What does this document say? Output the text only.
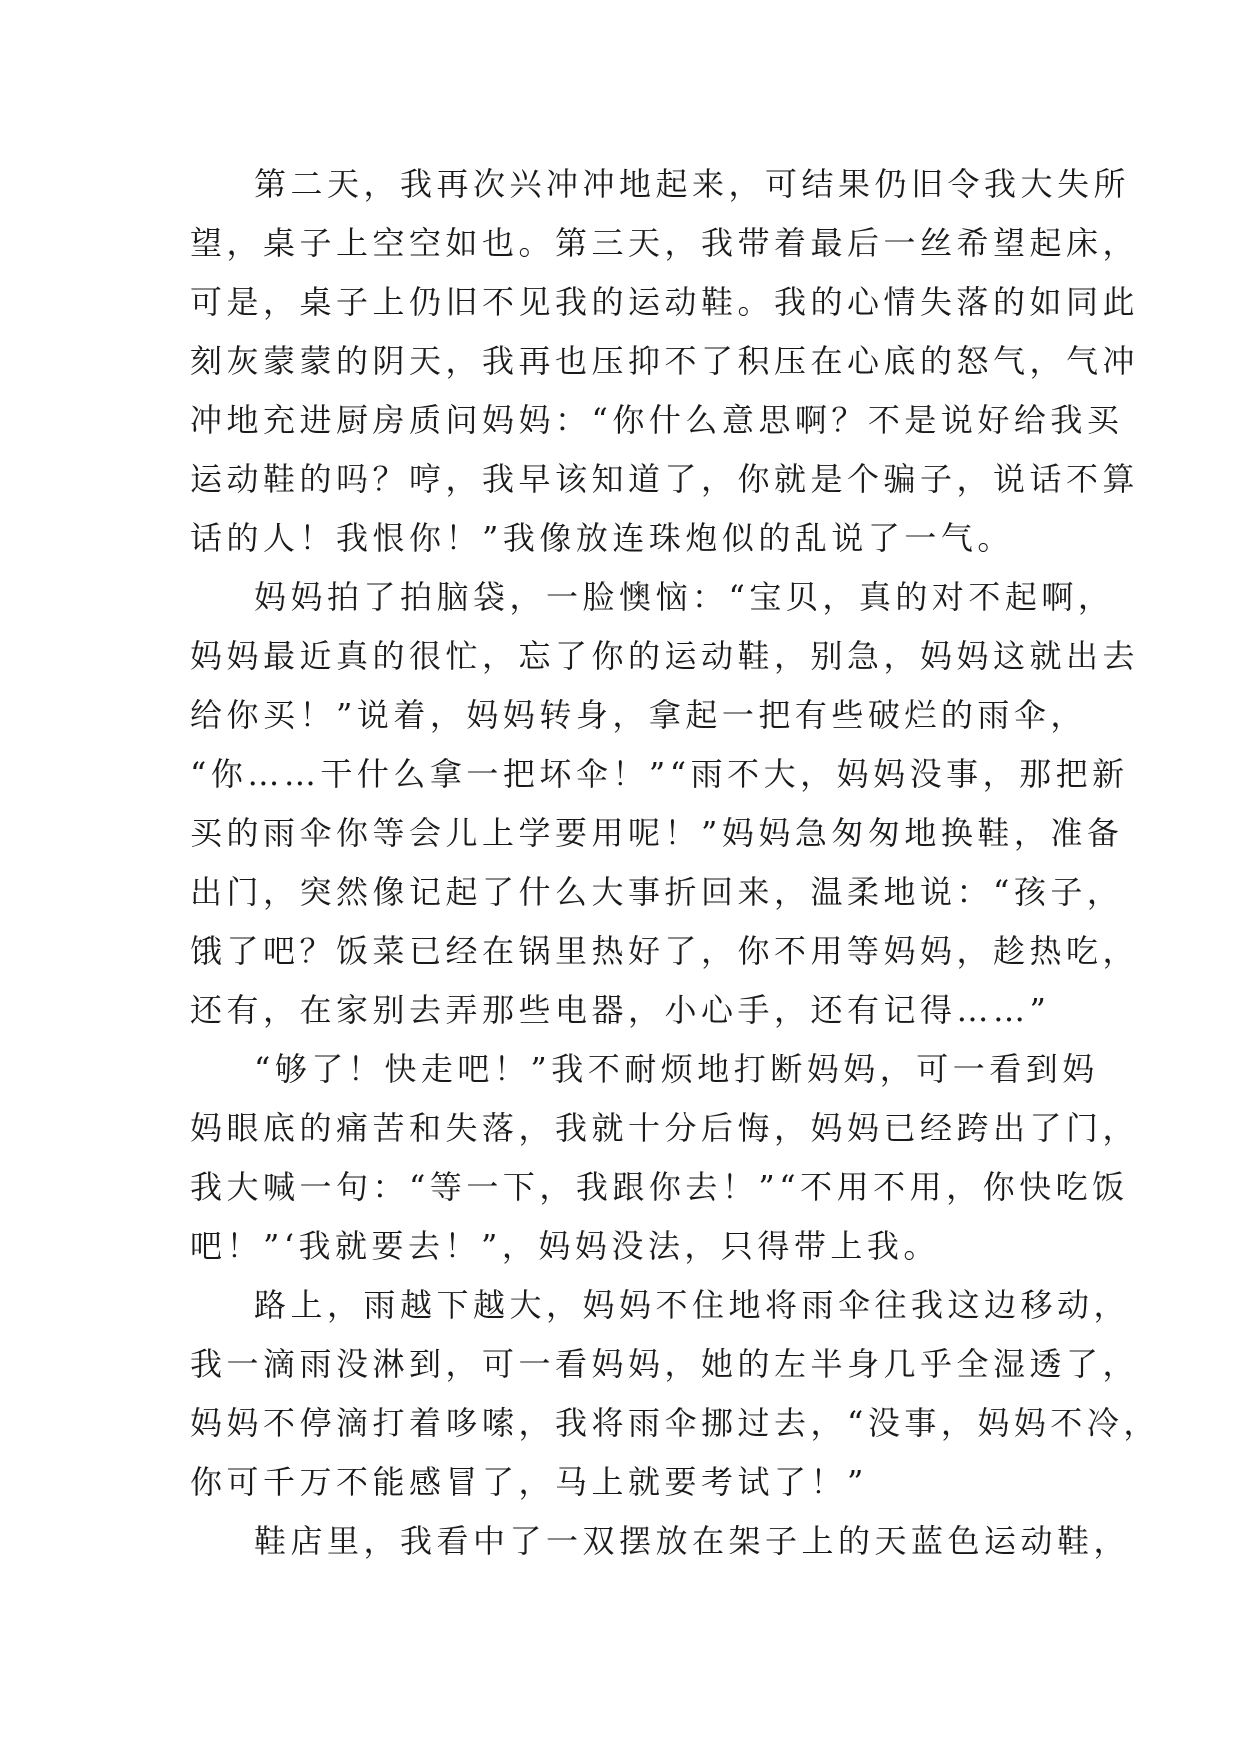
第二天，我再次兴冲冲地起来，可结果仍旧令我大失所
望，桌子上空空如也。第三天，我带着最后一丝希望起床，
可是，桌子上仍旧不见我的运动鞋。我的心情失落的如同此
刻灰蒙蒙的阴天，我再也压抑不了积压在心底的怒气，气冲
冲地充进厨房质问妈妈：“你什么意思啊？不是说好给我买
运动鞋的吗？哼，我早该知道了，你就是个骗子，说话不算
话的人！我恨你！”我像放连珠炮似的乱说了一气。
妈妈拍了拍脑袋，一脸懊恼：“宝贝，真的对不起啊，
妈妈最近真的很忙，忘了你的运动鞋，别急，妈妈这就出去
给你买！”说着，妈妈转身，拿起一把有些破烂的雨伞，
“你……干什么拿一把坏伞！”“雨不大，妈妈没事，那把新
买的雨伞你等会儿上学要用呢！”妈妈急匆匆地换鞋，准备
出门，突然像记起了什么大事折回来，温柔地说：“孩子，
饿了吧？饭菜已经在锅里热好了，你不用等妈妈，趁热吃，
还有，在家别去弄那些电器，小心手，还有记得……”
“够了！快走吧！”我不耐烦地打断妈妈，可一看到妈
妈眼底的痛苦和失落，我就十分后悔，妈妈已经跨出了门，
我大喊一句：“等一下，我跟你去！”“不用不用，你快吃饭
吧！”‘我就要去！”，妈妈没法，只得带上我。
路上，雨越下越大，妈妈不住地将雨伞往我这边移动，
我一滴雨没淋到，可一看妈妈，她的左半身几乎全湿透了，
妈妈不停滴打着哆嗦，我将雨伞挪过去，“没事，妈妈不冷，
你可千万不能感冒了，马上就要考试了！”
鞋店里，我看中了一双摆放在架子上的天蓝色运动鞋，
